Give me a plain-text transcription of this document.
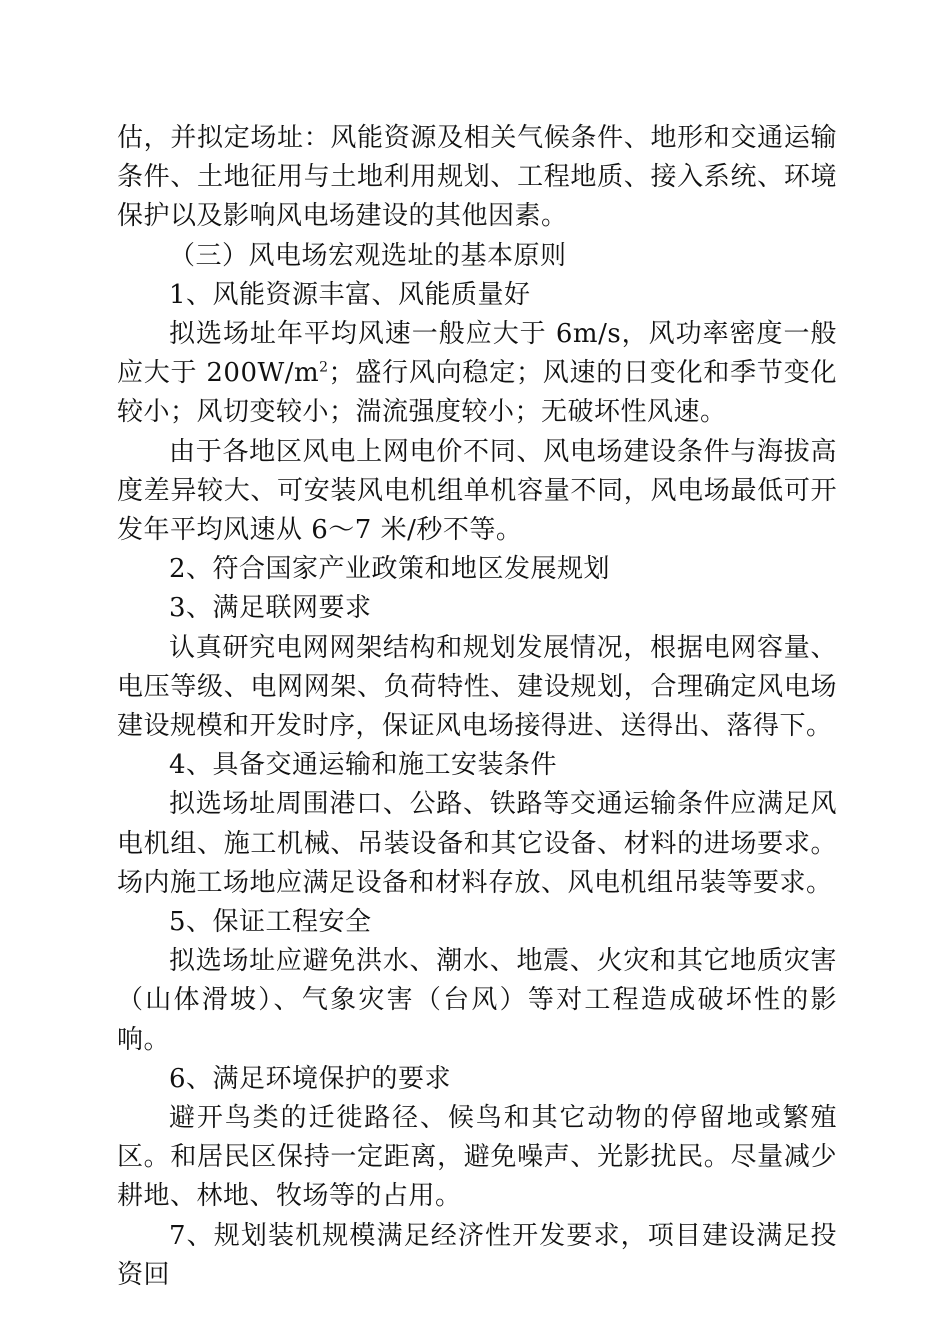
估，并拟定场址：风能资源及相关气候条件、地形和交通运输条件、土地征用与土地利用规划、工程地质、接入系统、环境保护以及影响风电场建设的其他因素。

（三）风电场宏观选址的基本原则

1、风能资源丰富、风能质量好

拟选场址年平均风速一般应大于 6m/s，风功率密度一般应大于 $200W/m^2$；盛行风向稳定；风速的日变化和季节变化较小；风切变较小；湍流强度较小；无破坏性风速。

由于各地区风电上网电价不同、风电场建设条件与海拔高度差异较大、可安装风电机组单机容量不同，风电场最低可开发年平均风速从 6～7 米/秒不等。

2、符合国家产业政策和地区发展规划

3、满足联网要求

认真研究电网网架结构和规划发展情况，根据电网容量、电压等级、电网网架、负荷特性、建设规划，合理确定风电场建设规模和开发时序，保证风电场接得进、送得出、落得下。

4、具备交通运输和施工安装条件

拟选场址周围港口、公路、铁路等交通运输条件应满足风电机组、施工机械、吊装设备和其它设备、材料的进场要求。场内施工场地应满足设备和材料存放、风电机组吊装等要求。

5、保证工程安全

拟选场址应避免洪水、潮水、地震、火灾和其它地质灾害（山体滑坡）、气象灾害（台风）等对工程造成破坏性的影响。

6、满足环境保护的要求

避开鸟类的迁徙路径、候鸟和其它动物的停留地或繁殖区。和居民区保持一定距离，避免噪声、光影扰民。尽量减少耕地、林地、牧场等的占用。

7、规划装机规模满足经济性开发要求，项目建设满足投资回
